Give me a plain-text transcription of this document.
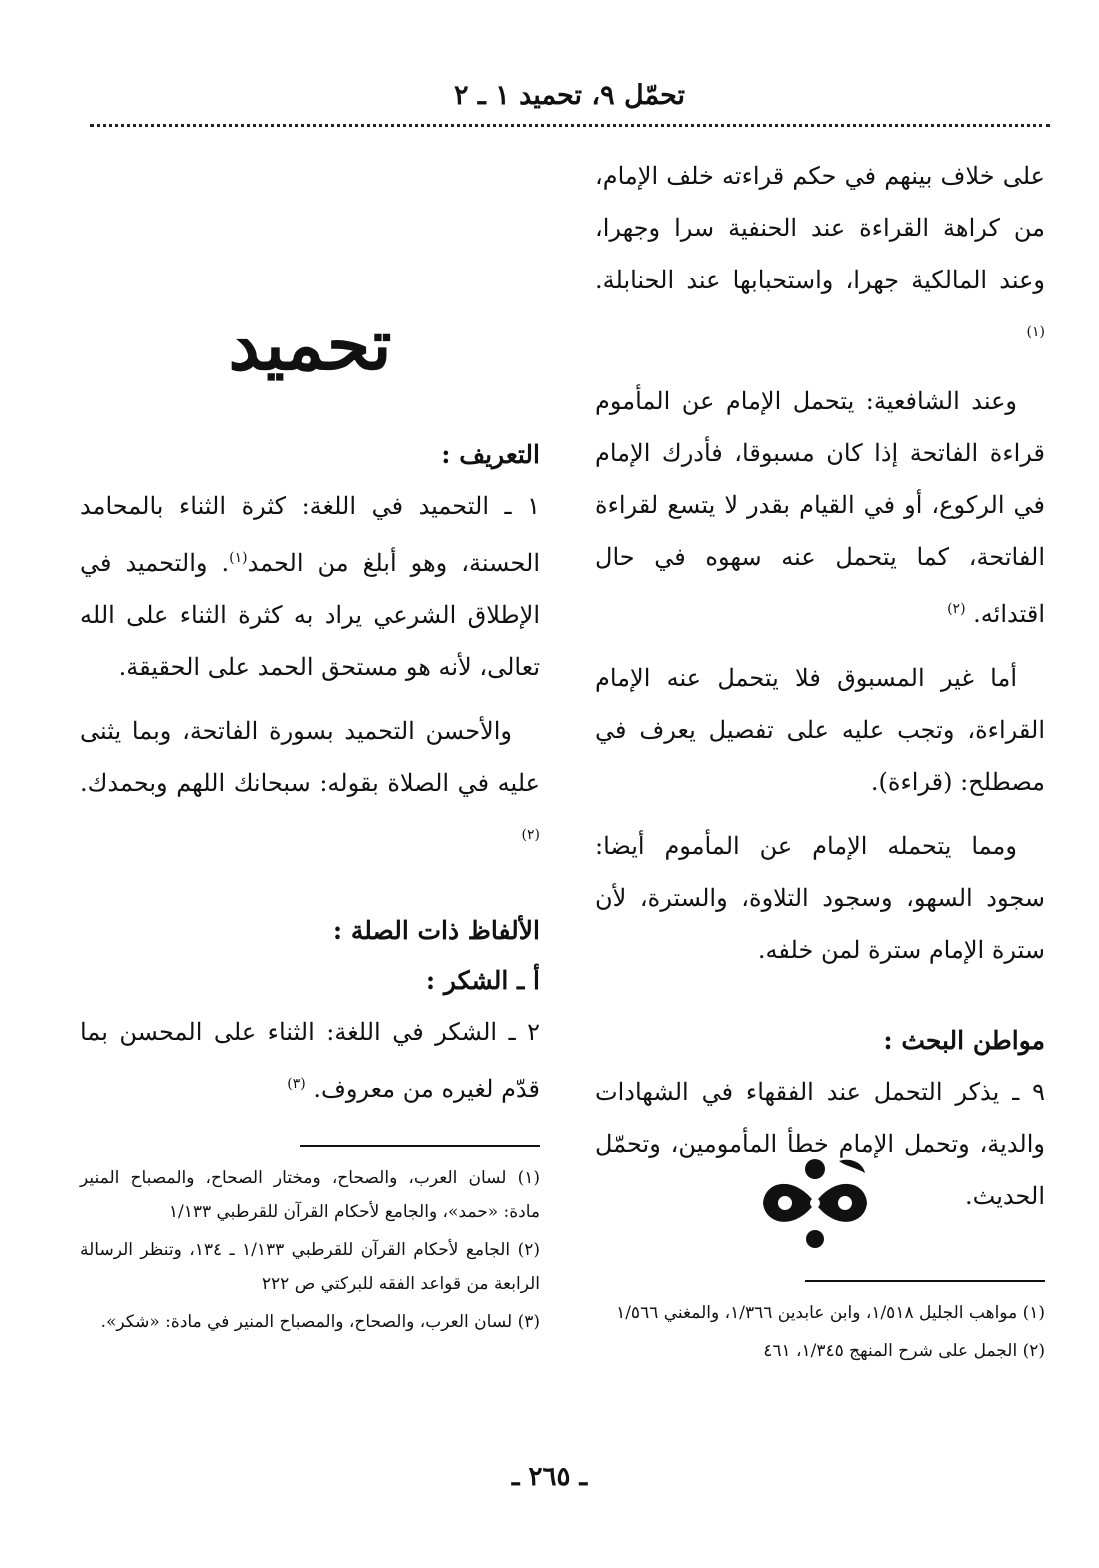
تحمّل ٩، تحميد ١ ـ ٢

على خلاف بينهم في حكم قراءته خلف الإمام، من كراهة القراءة عند الحنفية سرا وجهرا، وعند المالكية جهرا، واستحبابها عند الحنابلة. $^{(١)}$

وعند الشافعية: يتحمل الإمام عن المأموم قراءة الفاتحة إذا كان مسبوقا، فأدرك الإمام في الركوع، أو في القيام بقدر لا يتسع لقراءة الفاتحة، كما يتحمل عنه سهوه في حال اقتدائه. $^{(٢)}$

أما غير المسبوق فلا يتحمل عنه الإمام القراءة، وتجب عليه على تفصيل يعرف في مصطلح: (قراءة).

ومما يتحمله الإمام عن المأموم أيضا: سجود السهو، وسجود التلاوة، والسترة، لأن سترة الإمام سترة لمن خلفه.

مواطن البحث :

٩ ـ يذكر التحمل عند الفقهاء في الشهادات والدية، وتحمل الإمام خطأ المأمومين، وتحمّل الحديث.

(١) مواهب الجليل ١/٥١٨، وابن عابدين ١/٣٦٦، والمغني ١/٥٦٦

(٢) الجمل على شرح المنهج ١/٣٤٥، ٤٦١

تحميد

التعريف :

١ ـ التحميد في اللغة: كثرة الثناء بالمحامد الحسنة، وهو أبلغ من الحمد$^{(١)}$. والتحميد في الإطلاق الشرعي يراد به كثرة الثناء على الله تعالى، لأنه هو مستحق الحمد على الحقيقة.

والأحسن التحميد بسورة الفاتحة، وبما يثنى عليه في الصلاة بقوله: سبحانك اللهم وبحمدك. $^{(٢)}$

الألفاظ ذات الصلة :

أ ـ الشكر :

٢ ـ الشكر في اللغة: الثناء على المحسن بما قدّم لغيره من معروف. $^{(٣)}$

(١) لسان العرب، والصحاح، ومختار الصحاح، والمصباح المنير مادة: «حمد»، والجامع لأحكام القرآن للقرطبي ١/١٣٣

(٢) الجامع لأحكام القرآن للقرطبي ١/١٣٣ ـ ١٣٤، وتنظر الرسالة الرابعة من قواعد الفقه للبركتي ص ٢٢٢

(٣) لسان العرب، والصحاح، والمصباح المنير في مادة: «شكر».

ـ ٢٦٥ ـ
